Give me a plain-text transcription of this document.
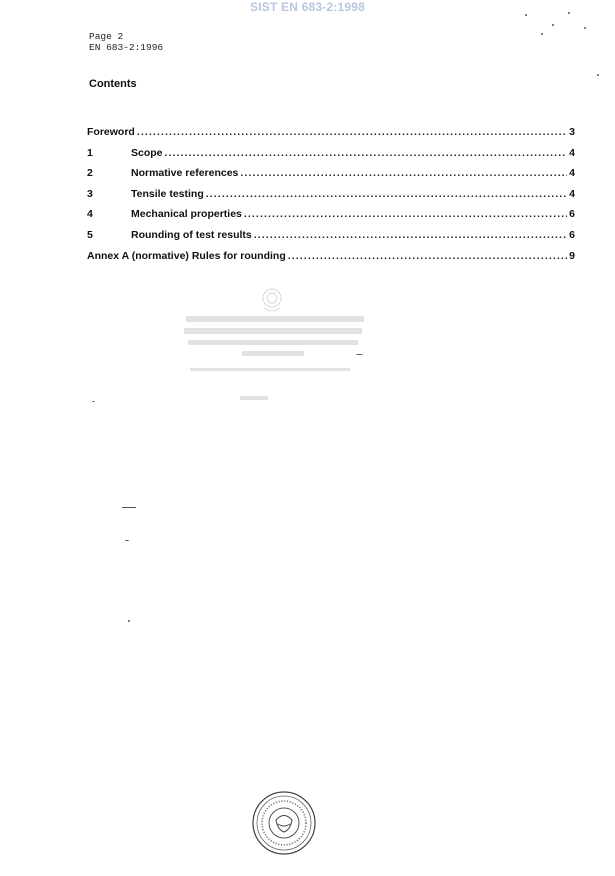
SIST EN 683-2:1998
Page 2
EN 683-2:1996
Contents
Foreword .....	3
1	Scope .....	4
2	Normative references .....	4
3	Tensile testing .....	4
4	Mechanical properties .....	6
5	Rounding of test results .....	6
Annex A (normative) Rules for rounding .....	9
